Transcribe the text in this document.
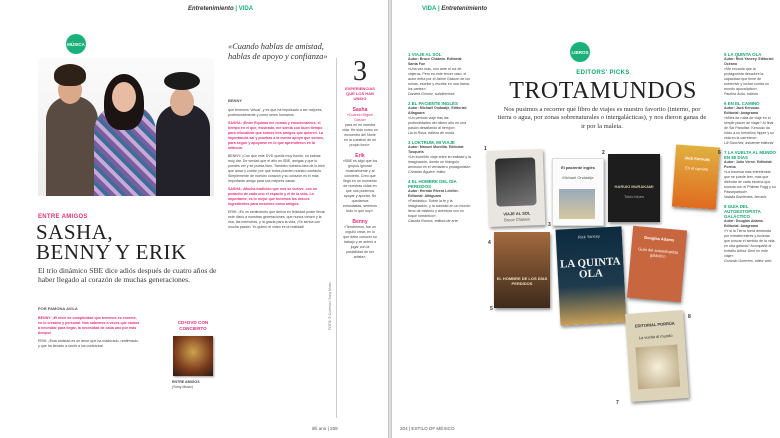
Entretenimiento | VIDA
MÚSICA
ENTRE AMIGOS
SASHA,
BENNY Y ERIK
El trío dinámico SBE dice adiós después de cuatro años de haber llegado al corazón de muchas generaciones.
POR PAMONA AVILA

BENNY: ¡El nivel de complicidad que tenemos es enorme, en lo creativo y personal. Nos sabemos a veces qué vamos a necesitar para llegar, la necesidad de cada uno por más tiempo!

ERIK: ¡Esta amistad es un amor que ha madurado, reafirmado, y que ha llevado a sentir a los contrarios!

CD+DVD CON CONCIERTO
ENTRE AMIGOS
(Sony Music)
«Cuando hablas de amistad, hablas de apoyo y confianza»
BENNY

que tenemos 'virtual', y es que ha impulsado a ser mejores, profesionalmente y como seres humanos.

SASHA: ¡Entre Equinas me nomás y emocionarnos, el tiempo en el que, frustrado, me sentía con buen tiempo para relocalizar que somos tres amigos que quieren. La importancia sal y pruebas a la menor apoyo que somos, para seguir y apoyarse en lo que aprendieron en la infancia.

BENNY: ¡Con que este DVD queda muy bonito, no sabías muy dar. De verdad que el año es SBE, amigas y que lo puedes ver y se pueda bien. También nuestra idea de lo bien que amar y cuidar, por que todos pueden nuestro contacto. Simplemente de nuestro corazón y su corazón es el más importante amigo para sus mejores casas.

SASHA: ¡Mucha tradición que nos se vuelve, con un pedacito de cada uno el espacio y el de la vida. Lo importante, es lo mejor que tenemos los únicos ingredientes para nosotros como amigos.

ERIK: ¡Es un sentimiento que deriva en felicidad poder llevar este disco a nuestras generaciones, que nunca vienen y la risa, las memorias, y la gracia para la vida, ¡Se sentía con mucha pasión. Yo quiero el video es la realidad!

3
EXPERIENCIAS QUE LOS HAN UNIDO
Sasha
«Cuando Miguel Garza»
para mí en nuestra vida. He sido como un encuentro del Norte en la cuestión de mi propio tono».
Erik
«SBE es algo que los grupos ignoran musicalmente y al concierto. Creo que llegó en un momento de nuestras vidas en que nos podemos apoyar y aportar. No quedamos entusiastas, seremos todo lo que soy».
Benny
«Tendremos, fue un orgullo crear, en lo que debe conocer su trabajo y se animó a jugar con la posibilidad de ser artista».
FOTO: © Cortesía / Sony Music
iIlli ano | 209
VIDA | Entretenimiento
LIBROS
1 VIAJE AL SOL
Autor: Bruce Chatwin. Editorial: Santa Fue
«Una vez más, uno ante el sol de viajeros. Pero en este tercer caso, el autor entra por el Jaime Gascón de los ruinas, escribe y escribe en una trama, los partes».
Daniela Gómez, subdirectora
2 EL PACIENTE INGLÉS
Autor: Michael Ondaatje. Editorial: Alfaguara
«Un periodo viaje tras las profundidades del último año en una pasión desafiando al tiempo».
Lia la Rosa, editora de moda
3 LOKTRUM, MI VIAJE
Autor: Manuel Montilla. Editorial: Tusquets
«Un increíble viaje entre la realidad y la imaginación, donde un triángulo amoroso es el verdadero protagonista».
Christian Aguirre, editor
4 EL HOMBRE DEL DÍA PERDIDOS
Autor: Hernán Rivera Letelier. Editorial: Alfaguara
«Fantástico. Sobre la fe y la imaginación, y la soledad en un mundo lleno de misterio y aventura con un toque romántico».
Claudia Ramos, editora de arte
EDITORS' PICKS
TROTAMUNDOS
Nos pusimos a recorrer qué libro de viajes es nuestro favorito (interno, por tierra o agua, por zonas sobrenaturales o intergalácticas), y nos dieron ganas de ir por la maleta.
VIAJE AL SOL
Bruce Chatwin
El paciente inglés
Michael Ondaatje
HARUKI MURAKAMI
Tokio blues
Jack Kerouac
En el camino
EL HOMBRE DE LOS DÍAS PERDIDOS
LA QUINTA OLA
Rick Yancey	Douglas Adams
Guía del autoestopista galáctico
EDITORIAL PORRÚA
La vuelta al mundo
1
2
3
4
5
6
7
8
5 LA QUINTA OLA
Autor: Rick Yancey. Editorial: Océano
«Me encanta que la protagonista descubre la capacidad que tiene de sobrevivir y luchar contra un mundo apocalíptico».
Paulina Ávila, editora
6 EN EL CAMINO
Autor: Jack Kerouac. Editorial: Anagrama
«Miles de rutas de viaje en el simple placer de viajar? Al final de Sal Paradise, Kerouac da inicio a un torbellino hippie y su vida en la carretera».
Lili Sánchez, asistente editorial
7 LA VUELTA AL MUNDO EN 80 DÍAS
Autor: Julio Verne. Editorial: Porrúa
«La travesía más entretenida que se puede leer, más que disfrutar de cada escena que suceda con el Phileas Fogg y su Passepartout».
Natalia Barrientos, becaria
8 GUÍA DEL AUTOESTOPISTA GALÁCTICO
Autor: Douglas Adams. Editorial: Anagrama
«Y si la Tierra fuera destruida por extraterrestres y tuvieras que buscar el sentido de la vida en otra galaxia? Acompañé al extraño Arthur Dent en este viaje».
Gonzalo Guerrero, editor web
204 | ESTILO DF MÉXICO
